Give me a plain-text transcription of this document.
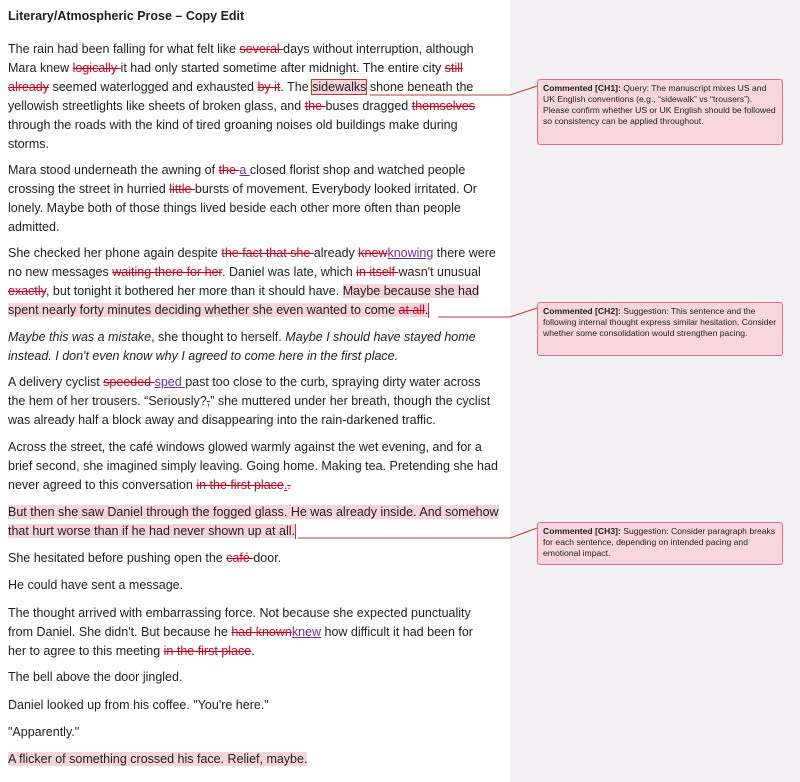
Literary/Atmospheric Prose – Copy Edit
The rain had been falling for what felt like several days without interruption, although
Mara knew logically it had only started sometime after midnight. The entire city still
already seemed waterlogged and exhausted by it. The sidewalks shone beneath the
yellowish streetlights like sheets of broken glass, and the buses dragged themselves
through the roads with the kind of tired groaning noises old buildings make during
storms.
Mara stood underneath the awning of the a closed florist shop and watched people
crossing the street in hurried little bursts of movement. Everybody looked irritated. Or
lonely. Maybe both of those things lived beside each other more often than people
admitted.
She checked her phone again despite the fact that she already knewknowing there were
no new messages waiting there for her. Daniel was late, which in itself wasn't unusual
exactly, but tonight it bothered her more than it should have. Maybe because she had
spent nearly forty minutes deciding whether she even wanted to come at all.
Maybe this was a mistake, she thought to herself. Maybe I should have stayed home
instead. I don't even know why I agreed to come here in the first place.
A delivery cyclist speeded sped past too close to the curb, spraying dirty water across
the hem of her trousers. “Seriously?,” she muttered under her breath, though the cyclist
was already half a block away and disappearing into the rain-darkened traffic.
Across the street, the café windows glowed warmly against the wet evening, and for a
brief second, she imagined simply leaving. Going home. Making tea. Pretending she had
never agreed to this conversation in the first place..
But then she saw Daniel through the fogged glass. He was already inside. And somehow
that hurt worse than if he had never shown up at all.
She hesitated before pushing open the café door.
He could have sent a message.
The thought arrived with embarrassing force. Not because she expected punctuality
from Daniel. She didn't. But because he had knownknew how difficult it had been for
her to agree to this meeting in the first place.
The bell above the door jingled.
Daniel looked up from his coffee. "You're here."
"Apparently."
A flicker of something crossed his face. Relief, maybe.
Commented [CH1]: Query: The manuscript mixes US and UK English conventions (e.g., “sidewalk” vs “trousers”). Please confirm whether US or UK English should be followed so consistency can be applied throughout.
Commented [CH2]: Suggestion: This sentence and the following internal thought express similar hesitation. Consider whether some consolidation would strengthen pacing.
Commented [CH3]: Suggestion: Consider paragraph breaks for each sentence, depending on intended pacing and emotional impact.
